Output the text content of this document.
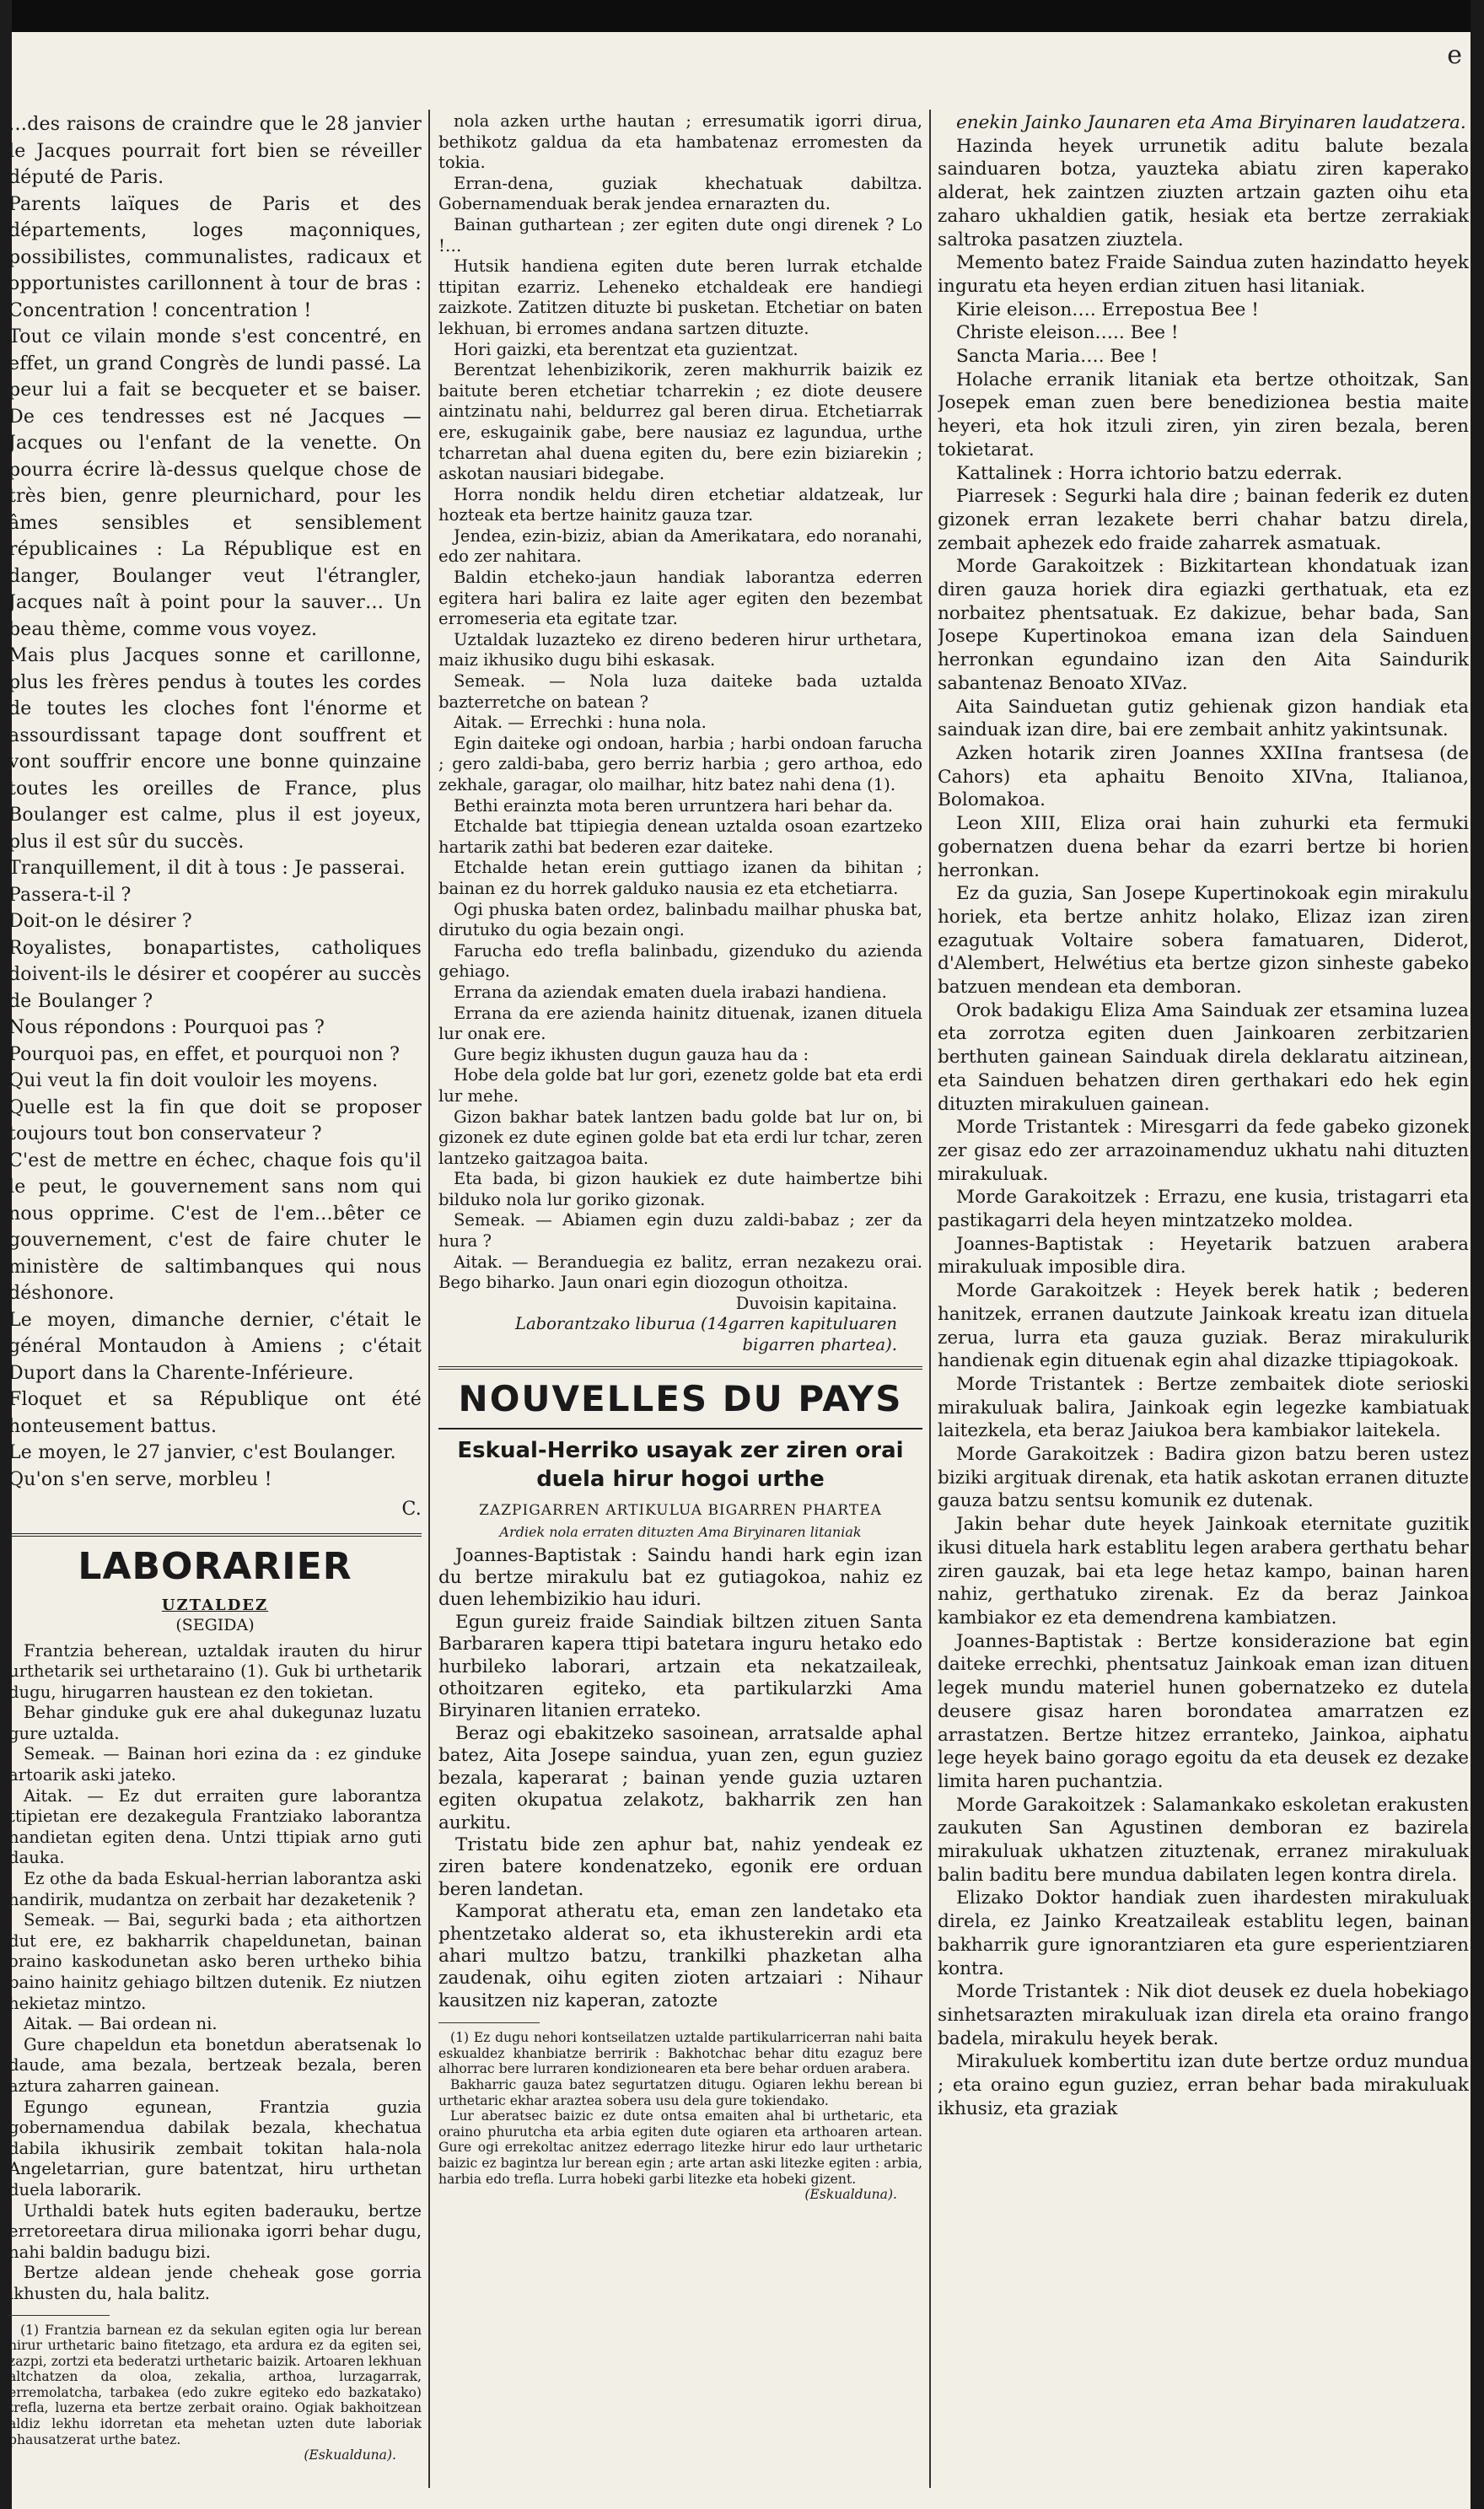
e

…des raisons de craindre que le 28 janvier le Jacques pourrait fort bien se réveiller député de Paris.

Parents laïques de Paris et des départements, loges maçonniques, possibilistes, communalistes, radicaux et opportunistes carillonnent à tour de bras : Concentration ! concentration !

Tout ce vilain monde s'est concentré, en effet, un grand Congrès de lundi passé. La peur lui a fait se becqueter et se baiser. De ces tendresses est né Jacques — Jacques ou l'enfant de la venette. On pourra écrire là-dessus quelque chose de très bien, genre pleurnichard, pour les âmes sensibles et sensiblement républicaines : La République est en danger, Boulanger veut l'étrangler, Jacques naît à point pour la sauver… Un beau thème, comme vous voyez.

Mais plus Jacques sonne et carillonne, plus les frères pendus à toutes les cordes de toutes les cloches font l'énorme et assourdissant tapage dont souffrent et vont souffrir encore une bonne quinzaine toutes les oreilles de France, plus Boulanger est calme, plus il est joyeux, plus il est sûr du succès.

Tranquillement, il dit à tous : Je passerai.

Passera-t-il ?

Doit-on le désirer ?

Royalistes, bonapartistes, catholiques doivent-ils le désirer et coopérer au succès de Boulanger ?

Nous répondons : Pourquoi pas ?

Pourquoi pas, en effet, et pourquoi non ?

Qui veut la fin doit vouloir les moyens.

Quelle est la fin que doit se proposer toujours tout bon conservateur ?

C'est de mettre en échec, chaque fois qu'il le peut, le gouvernement sans nom qui nous opprime. C'est de l'em…bêter ce gouvernement, c'est de faire chuter le ministère de saltimbanques qui nous déshonore.

Le moyen, dimanche dernier, c'était le général Montaudon à Amiens ; c'était Duport dans la Charente-Inférieure.

Floquet et sa République ont été honteusement battus.

Le moyen, le 27 janvier, c'est Boulanger.

Qu'on s'en serve, morbleu !

C.

LABORARIER
UZTALDEZ
(SEGIDA)

Frantzia beherean, uztaldak irauten du hirur urthetarik sei urthetaraino (1). Guk bi urthetarik dugu, hirugarren haustean ez den tokietan.

Behar ginduke guk ere ahal dukegunaz luzatu gure uztalda.

Semeak. — Bainan hori ezina da : ez ginduke artoarik aski jateko.

Aitak. — Ez dut erraiten gure laborantza ttipietan ere dezakegula Frantziako laborantza handietan egiten dena. Untzi ttipiak arno guti dauka.

Ez othe da bada Eskual-herrian laborantza aski handirik, mudantza on zerbait har dezaketenik ?

Semeak. — Bai, segurki bada ; eta aithortzen dut ere, ez bakharrik chapeldunetan, bainan oraino kaskodunetan asko beren urtheko bihia baino hainitz gehiago biltzen dutenik. Ez niutzen hekietaz mintzo.

Aitak. — Bai ordean ni.

Gure chapeldun eta bonetdun aberatsenak lo daude, ama bezala, bertzeak bezala, beren aztura zaharren gainean.

Egungo egunean, Frantzia guzia gobernamendua dabilak bezala, khechatua dabila ikhusirik zembait tokitan hala-nola Angeletarrian, gure batentzat, hiru urthetan duela laborarik.

Urthaldi batek huts egiten baderauku, bertze erretoreetara dirua milionaka igorri behar dugu, nahi baldin badugu bizi.

Bertze aldean jende cheheak gose gorria ikhusten du, hala balitz.

(1) Frantzia barnean ez da sekulan egiten ogia lur berean hirur urthetaric baino fitetzago, eta ardura ez da egiten sei, zazpi, zortzi eta bederatzi urthetaric baizik. Artoaren lekhuan altchatzen da oloa, zekalia, arthoa, lurzagarrak, erremolatcha, tarbakea (edo zukre egiteko edo bazkatako) trefla, luzerna eta bertze zerbait oraino. Ogiak bakhoitzean aldiz lekhu idorretan eta mehetan uzten dute laboriak phausatzerat urthe batez.

(Eskualduna).

nola azken urthe hautan ; erresumatik igorri dirua, bethikotz galdua da eta hambatenaz erromesten da tokia.

Erran-dena, guziak khechatuak dabiltza. Gobernamenduak berak jendea ernarazten du.

Bainan guthartean ; zer egiten dute ongi direnek ? Lo !…

Hutsik handiena egiten dute beren lurrak etchalde ttipitan ezarriz. Leheneko etchaldeak ere handiegi zaizkote. Zatitzen dituzte bi pusketan. Etchetiar on baten lekhuan, bi erromes andana sartzen dituzte.

Hori gaizki, eta berentzat eta guzientzat.

Berentzat lehenbizikorik, zeren makhurrik baizik ez baitute beren etchetiar tcharrekin ; ez diote deusere aintzinatu nahi, beldurrez gal beren dirua. Etchetiarrak ere, eskugainik gabe, bere nausiaz ez lagundua, urthe tcharretan ahal duena egiten du, bere ezin biziarekin ; askotan nausiari bidegabe.

Horra nondik heldu diren etchetiar aldatzeak, lur hozteak eta bertze hainitz gauza tzar.

Jendea, ezin-biziz, abian da Amerikatara, edo noranahi, edo zer nahitara.

Baldin etcheko-jaun handiak laborantza ederren egitera hari balira ez laite ager egiten den bezembat erromeseria eta egitate tzar.

Uztaldak luzazteko ez direno bederen hirur urthetara, maiz ikhusiko dugu bihi eskasak.

Semeak. — Nola luza daiteke bada uztalda bazterretche on batean ?

Aitak. — Errechki : huna nola.

Egin daiteke ogi ondoan, harbia ; harbi ondoan farucha ; gero zaldi-baba, gero berriz harbia ; gero arthoa, edo zekhale, garagar, olo mailhar, hitz batez nahi dena (1).

Bethi erainzta mota beren urruntzera hari behar da.

Etchalde bat ttipiegia denean uztalda osoan ezartzeko hartarik zathi bat bederen ezar daiteke.

Etchalde hetan erein guttiago izanen da bihitan ; bainan ez du horrek galduko nausia ez eta etchetiarra.

Ogi phuska baten ordez, balinbadu mailhar phuska bat, dirutuko du ogia bezain ongi.

Farucha edo trefla balinbadu, gizenduko du azienda gehiago.

Errana da aziendak ematen duela irabazi handiena.

Errana da ere azienda hainitz dituenak, izanen dituela lur onak ere.

Gure begiz ikhusten dugun gauza hau da :

Hobe dela golde bat lur gori, ezenetz golde bat eta erdi lur mehe.

Gizon bakhar batek lantzen badu golde bat lur on, bi gizonek ez dute eginen golde bat eta erdi lur tchar, zeren lantzeko gaitzagoa baita.

Eta bada, bi gizon haukiek ez dute haimbertze bihi bilduko nola lur goriko gizonak.

Semeak. — Abiamen egin duzu zaldi-babaz ; zer da hura ?

Aitak. — Beranduegia ez balitz, erran nezakezu orai. Bego biharko. Jaun onari egin diozogun othoitza.

Duvoisin kapitaina.

Laborantzako liburua (14garren kapituluaren bigarren phartea).

NOUVELLES DU PAYS
Eskual-Herriko usayak zer ziren orai duela hirur hogoi urthe
ZAZPIGARREN ARTIKULUA BIGARREN PHARTEA
Ardiek nola erraten dituzten Ama Biryinaren litaniak

Joannes-Baptistak : Saindu handi hark egin izan du bertze mirakulu bat ez gutiagokoa, nahiz ez duen lehembizikio hau iduri.

Egun gureiz fraide Saindiak biltzen zituen Santa Barbararen kapera ttipi batetara inguru hetako edo hurbileko laborari, artzain eta nekatzaileak, othoitzaren egiteko, eta partikularzki Ama Biryinaren litanien errateko.

Beraz ogi ebakitzeko sasoinean, arratsalde aphal batez, Aita Josepe saindua, yuan zen, egun guziez bezala, kaperarat ; bainan yende guzia uztaren egiten okupatua zelakotz, bakharrik zen han aurkitu.

Tristatu bide zen aphur bat, nahiz yendeak ez ziren batere kondenatzeko, egonik ere orduan beren landetan.

Kamporat atheratu eta, eman zen landetako eta phentzetako alderat so, eta ikhusterekin ardi eta ahari multzo batzu, trankilki phazketan alha zaudenak, oihu egiten zioten artzaiari : Nihaur kausitzen niz kaperan, zatozte

(1) Ez dugu nehori kontseilatzen uztalde partikularricerran nahi baita eskualdez khanbiatze berririk : Bakhotchac behar ditu ezaguz bere alhorrac bere lurraren kondizionearen eta bere behar orduen arabera.

Bakharric gauza batez segurtatzen ditugu. Ogiaren lekhu berean bi urthetaric ekhar araztea sobera usu dela gure tokiendako.

Lur aberatsec baizic ez dute ontsa emaiten ahal bi urthetaric, eta oraino phurutcha eta arbia egiten dute ogiaren eta arthoaren artean. Gure ogi errekoltac anitzez ederrago litezke hirur edo laur urthetaric baizic ez bagintza lur berean egin ; arte artan aski litezke egiten : arbia, harbia edo trefla. Lurra hobeki garbi litezke eta hobeki gizent.

(Eskualduna).

enekin Jainko Jaunaren eta Ama Biryinaren laudatzera.

Hazinda heyek urrunetik aditu balute bezala sainduaren botza, yauzteka abiatu ziren kaperako alderat, hek zaintzen ziuzten artzain gazten oihu eta zaharo ukhaldien gatik, hesiak eta bertze zerrakiak saltroka pasatzen ziuztela.

Memento batez Fraide Saindua zuten hazindatto heyek inguratu eta heyen erdian zituen hasi litaniak.

Kirie eleison…. Errepostua Bee !

Christe eleison….. Bee !

Sancta Maria…. Bee !

Holache erranik litaniak eta bertze othoitzak, San Josepek eman zuen bere benedizionea bestia maite heyeri, eta hok itzuli ziren, yin ziren bezala, beren tokietarat.

Kattalinek : Horra ichtorio batzu ederrak.

Piarresek : Segurki hala dire ; bainan federik ez duten gizonek erran lezakete berri chahar batzu direla, zembait aphezek edo fraide zaharrek asmatuak.

Morde Garakoitzek : Bizkitartean khondatuak izan diren gauza horiek dira egiazki gerthatuak, eta ez norbaitez phentsatuak. Ez dakizue, behar bada, San Josepe Kupertinokoa emana izan dela Sainduen herronkan egundaino izan den Aita Saindurik sabantenaz Benoato XIVaz.

Aita Sainduetan gutiz gehienak gizon handiak eta sainduak izan dire, bai ere zembait anhitz yakintsunak.

Azken hotarik ziren Joannes XXIIna frantsesa (de Cahors) eta aphaitu Benoito XIVna, Italianoa, Bolomakoa.

Leon XIII, Eliza orai hain zuhurki eta fermuki gobernatzen duena behar da ezarri bertze bi horien herronkan.

Ez da guzia, San Josepe Kupertinokoak egin mirakulu horiek, eta bertze anhitz holako, Elizaz izan ziren ezagutuak Voltaire sobera famatuaren, Diderot, d'Alembert, Helwétius eta bertze gizon sinheste gabeko batzuen mendean eta demboran.

Orok badakigu Eliza Ama Sainduak zer etsamina luzea eta zorrotza egiten duen Jainkoaren zerbitzarien berthuten gainean Sainduak direla deklaratu aitzinean, eta Sainduen behatzen diren gerthakari edo hek egin dituzten mirakuluen gainean.

Morde Tristantek : Miresgarri da fede gabeko gizonek zer gisaz edo zer arrazoinamenduz ukhatu nahi dituzten mirakuluak.

Morde Garakoitzek : Errazu, ene kusia, tristagarri eta pastikagarri dela heyen mintzatzeko moldea.

Joannes-Baptistak : Heyetarik batzuen arabera mirakuluak imposible dira.

Morde Garakoitzek : Heyek berek hatik ; bederen hanitzek, erranen dautzute Jainkoak kreatu izan dituela zerua, lurra eta gauza guziak. Beraz mirakulurik handienak egin dituenak egin ahal dizazke ttipiagokoak.

Morde Tristantek : Bertze zembaitek diote serioski mirakuluak balira, Jainkoak egin legezke kambiatuak laitezkela, eta beraz Jaiukoa bera kambiakor laitekela.

Morde Garakoitzek : Badira gizon batzu beren ustez biziki argituak direnak, eta hatik askotan erranen dituzte gauza batzu sentsu komunik ez dutenak.

Jakin behar dute heyek Jainkoak eternitate guzitik ikusi dituela hark establitu legen arabera gerthatu behar ziren gauzak, bai eta lege hetaz kampo, bainan haren nahiz, gerthatuko zirenak. Ez da beraz Jainkoa kambiakor ez eta demendrena kambiatzen.

Joannes-Baptistak : Bertze konsiderazione bat egin daiteke errechki, phentsatuz Jainkoak eman izan dituen legek mundu materiel hunen gobernatzeko ez dutela deusere gisaz haren borondatea amarratzen ez arrastatzen. Bertze hitzez erranteko, Jainkoa, aiphatu lege heyek baino gorago egoitu da eta deusek ez dezake limita haren puchantzia.

Morde Garakoitzek : Salamankako eskoletan erakusten zaukuten San Agustinen demboran ez bazirela mirakuluak ukhatzen zituztenak, erranez mirakuluak balin baditu bere mundua dabilaten legen kontra direla.

Elizako Doktor handiak zuen ihardesten mirakuluak direla, ez Jainko Kreatzaileak establitu legen, bainan bakharrik gure ignorantziaren eta gure esperientziaren kontra.

Morde Tristantek : Nik diot deusek ez duela hobekiago sinhetsarazten mirakuluak izan direla eta oraino frango badela, mirakulu heyek berak.

Mirakuluek kombertitu izan dute bertze orduz mundua ; eta oraino egun guziez, erran behar bada mirakuluak ikhusiz, eta graziak
